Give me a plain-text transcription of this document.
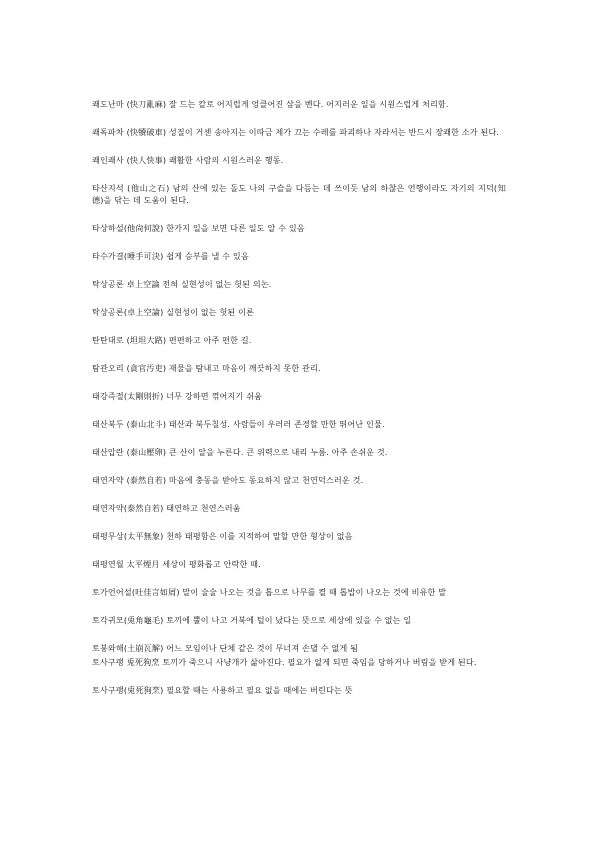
쾌도난마 (快刀亂麻) 잘 드는 칼로 어지럽게 엉클어진 삼을 벤다. 어지러운 일을 시원스럽게 처리함.

쾌독파차 (快犢破車) 성질이 거센 송아지는 이따금 제가 끄는 수레를 파괴하나 자라서는 반드시 장쾌한 소가 된다.

쾌인쾌사 (快人快事) 쾌활한 사람의 시원스러운 행동.

타산지석 (他山之石) 남의 산에 있는 돌도 나의 구슬을 다듬는 데 쓰이듯 남의 하찮은 언행이라도 자기의 지덕(知德)을 닦는 데 도움이 된다.

타상하설(他尙何說) 한가지 일을 보면 다른 일도 알 수 있음

타수가결(唾手可決) 쉽게 승부를 낼 수 있음

탁상공론 卓上空論 전혀 실현성이 없는 헛된 의논.

탁상공론(卓上空論) 실현성이 없는 헛된 이론

탄탄대로 (坦坦大路) 편편하고 아주 편한 길.

탐관오리 (貪官汚吏) 재물을 탐내고 마음이 깨끗하지 못한 관리.

태강즉절(太剛則折) 너무 강하면 꺾어지기 쉬움

태산북두 (泰山北斗) 태산과 북두칠성. 사람들이 우러러 존경할 만한 뛰어난 인물.

태산압란 (泰山壓卵) 큰 산이 알을 누른다. 큰 위력으로 내리 누름. 아주 손쉬운 것.

태연자약 (泰然自若) 마음에 충동을 받아도 동요하지 않고 천연덕스러운 것.

태연자약(泰然自若) 태연하고 천연스러움

태평무상(太平無象) 천하 태평함은 이를 지적하여 말할 만한 형상이 없음

태평연월 太平煙月 세상이 평화롭고 안락한 때.

토가언어설(吐佳言如屑) 말이 술술 나오는 것을 톱으로 나무를 켤 때 톱밥이 나오는 것에 비유한 말

토각귀모(兎角龜毛) 토끼에 뿔이 나고 거북에 털이 났다는 뜻으로 세상에 있을 수 없는 일

토붕와해(土崩瓦解) 어느 모임이나 단체 같은 것이 무너져 손댈 수 없게 됨

토사구팽 兎死狗烹 토끼가 죽으니 사냥개가 삶아진다. 필요가 없게 되면 죽임을 당하거나 버림을 받게 된다.

토사구팽(兎死狗烹) 필요할 때는 사용하고 필요 없을 때에는 버린다는 뜻
